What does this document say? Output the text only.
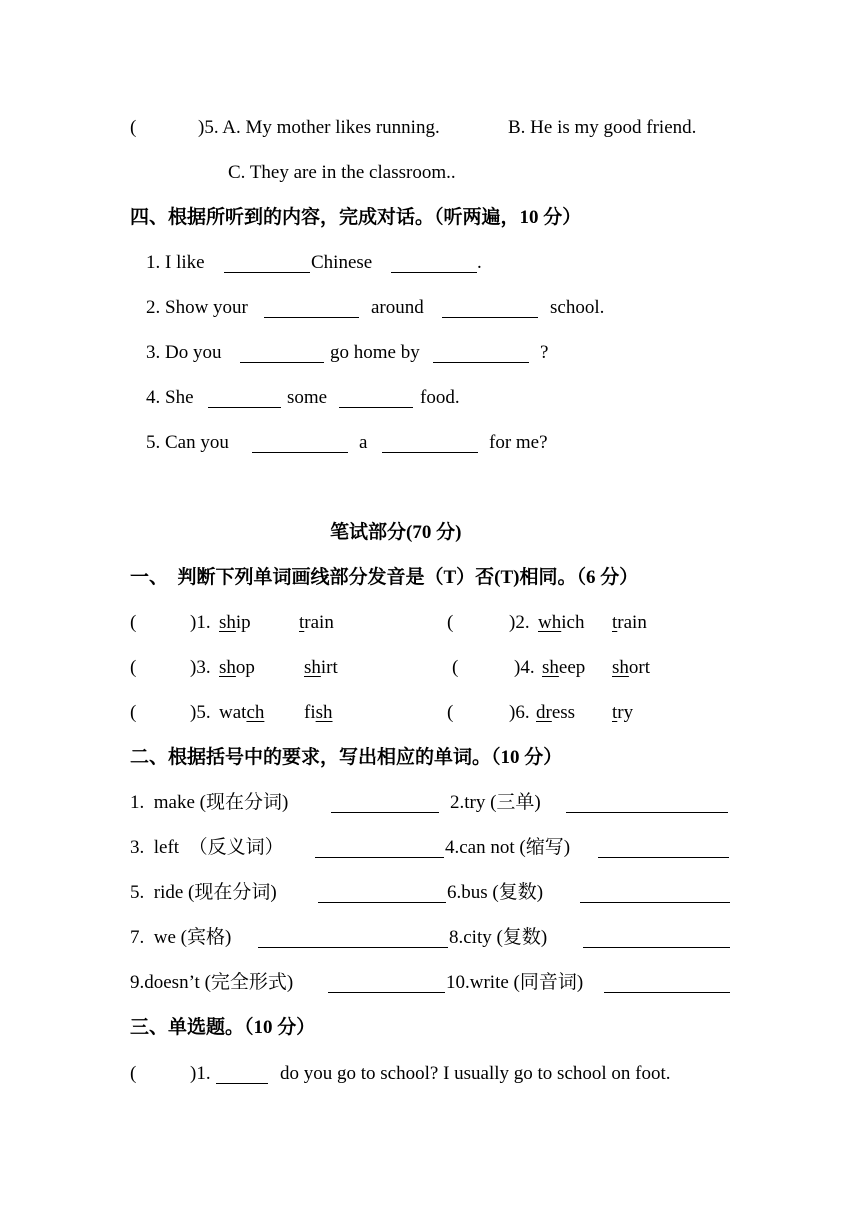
(	)5. A. My mother likes running.	B. He is my good friend.
C. They are in the classroom..
四、根据所听到的内容，完成对话。（听两遍，10 分）
1. I like	Chinese	.
2. Show your	around	school.
3. Do you	go home by	?
4. She	some	food.
5. Can you	a	for me?
笔试部分(70 分)
一、  判断下列单词画线部分发音是（T）否(T)相同。（6 分）
(	)1. ship	train	(	)2. which train
(	)3. shop	shirt	(	)4. sheep short
(	)5. watch fish	(	)6. dress try
二、根据括号中的要求，写出相应的单词。（10 分）
1.  make (现在分词)	2.try (三单)
3.  left  （反义词）	4.can not (缩写)
5.  ride (现在分词)	6.bus (复数)
7.  we (宾格)	8.city (复数)
9.doesn’t (完全形式)	10.write (同音词)
三、单选题。（10 分）
(	)1.	do you go to school? I usually go to school on foot.
